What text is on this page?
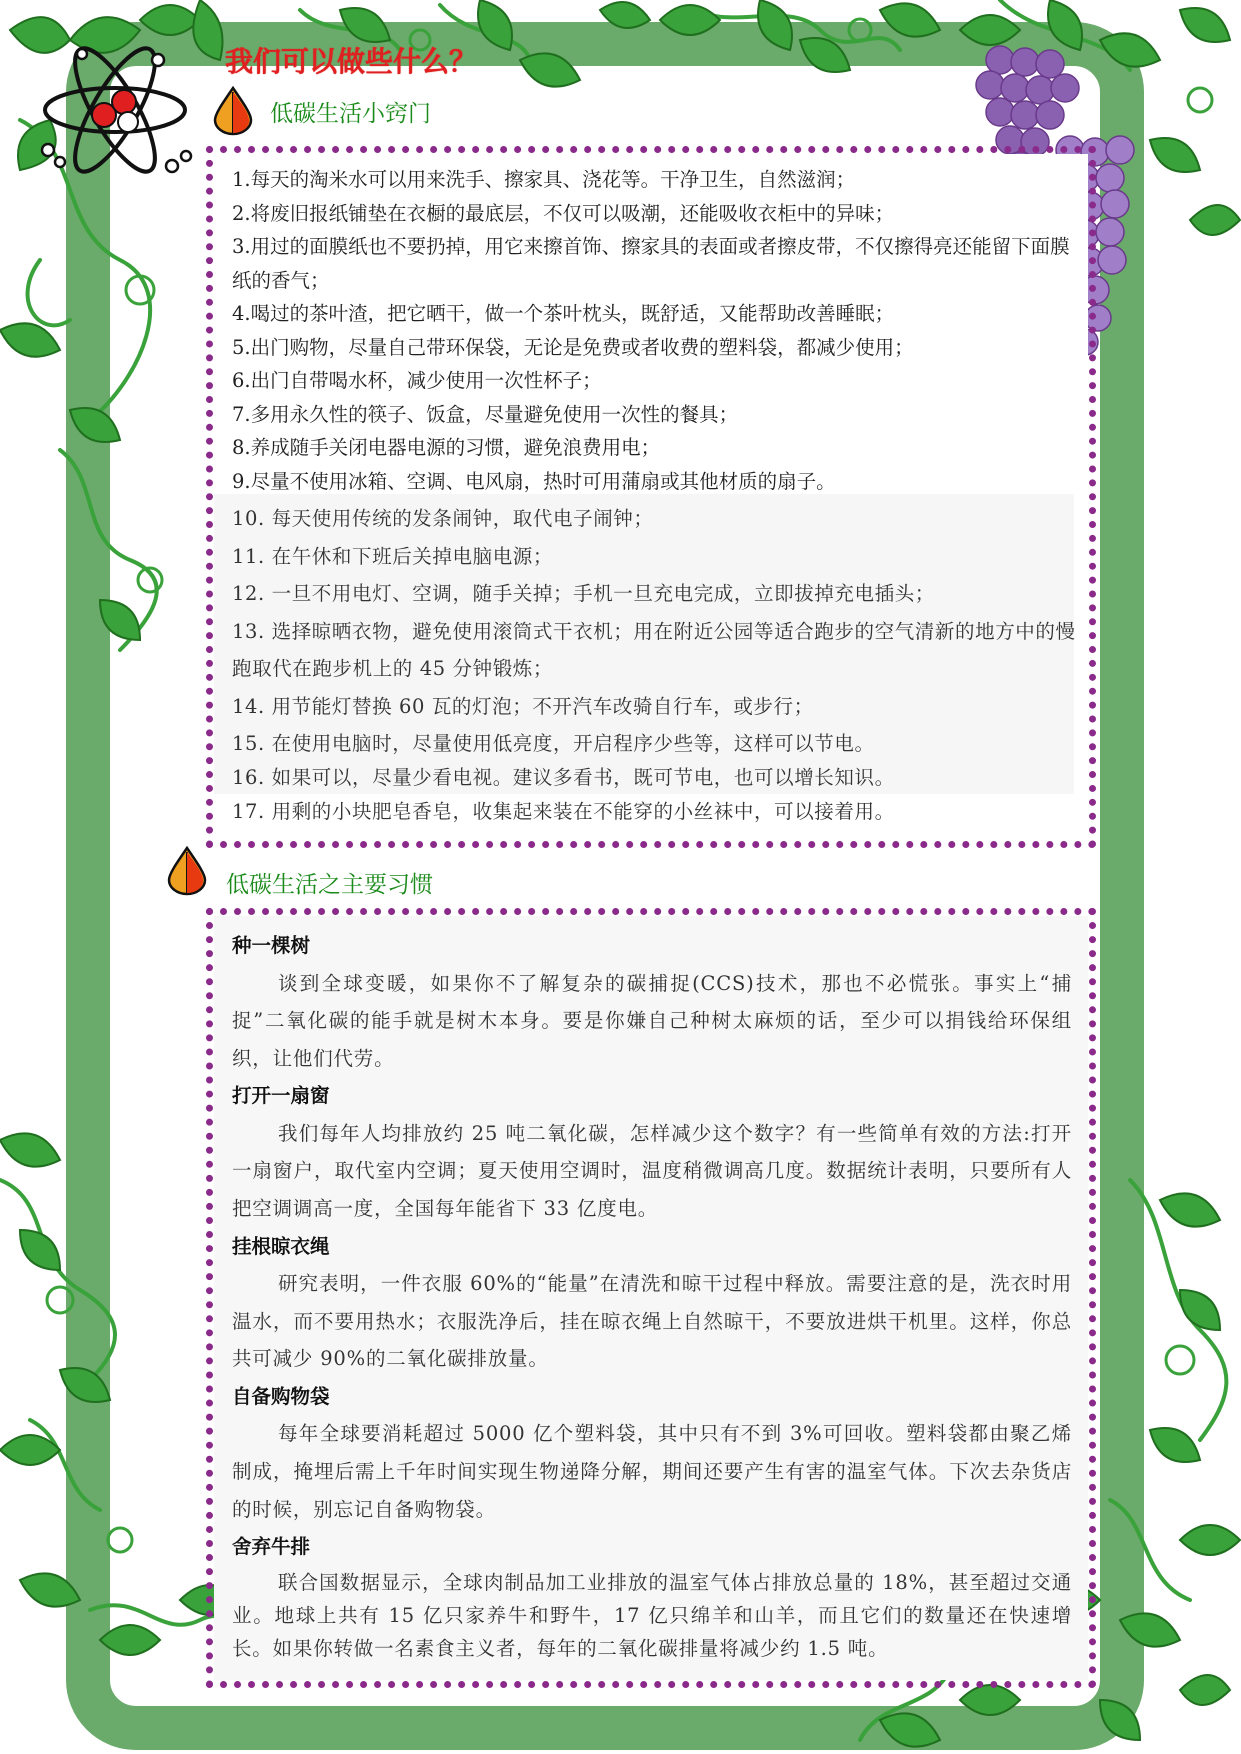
我们可以做些什么？
低碳生活小窍门

1.每天的淘米水可以用来洗手、擦家具、浇花等。干净卫生，自然滋润；

2.将废旧报纸铺垫在衣橱的最底层，不仅可以吸潮，还能吸收衣柜中的异味；

3.用过的面膜纸也不要扔掉，用它来擦首饰、擦家具的表面或者擦皮带，不仅擦得亮还能留下面膜纸的香气；

4.喝过的茶叶渣，把它晒干，做一个茶叶枕头，既舒适，又能帮助改善睡眠；

5.出门购物，尽量自己带环保袋，无论是免费或者收费的塑料袋，都减少使用；

6.出门自带喝水杯，减少使用一次性杯子；

7.多用永久性的筷子、饭盒，尽量避免使用一次性的餐具；

8.养成随手关闭电器电源的习惯，避免浪费用电；

9.尽量不使用冰箱、空调、电风扇，热时可用蒲扇或其他材质的扇子。

10. 每天使用传统的发条闹钟，取代电子闹钟；

11. 在午休和下班后关掉电脑电源；

12. 一旦不用电灯、空调，随手关掉；手机一旦充电完成，立即拔掉充电插头；

13. 选择晾晒衣物，避免使用滚筒式干衣机；用在附近公园等适合跑步的空气清新的地方中的慢跑取代在跑步机上的 45 分钟锻炼；

14. 用节能灯替换 60 瓦的灯泡；不开汽车改骑自行车，或步行；

15. 在使用电脑时，尽量使用低亮度，开启程序少些等，这样可以节电。

16. 如果可以，尽量少看电视。建议多看书，既可节电，也可以增长知识。

17. 用剩的小块肥皂香皂，收集起来装在不能穿的小丝袜中，可以接着用。

低碳生活之主要习惯
种一棵树

谈到全球变暖，如果你不了解复杂的碳捕捉(CCS)技术，那也不必慌张。事实上“捕捉”二氧化碳的能手就是树木本身。要是你嫌自己种树太麻烦的话，至少可以捐钱给环保组织，让他们代劳。

打开一扇窗

我们每年人均排放约 25 吨二氧化碳，怎样减少这个数字？有一些简单有效的方法:打开一扇窗户，取代室内空调；夏天使用空调时，温度稍微调高几度。数据统计表明，只要所有人把空调调高一度，全国每年能省下 33 亿度电。

挂根晾衣绳

研究表明，一件衣服 60%的“能量”在清洗和晾干过程中释放。需要注意的是，洗衣时用温水，而不要用热水；衣服洗净后，挂在晾衣绳上自然晾干，不要放进烘干机里。这样，你总共可减少 90%的二氧化碳排放量。

自备购物袋

每年全球要消耗超过 5000 亿个塑料袋，其中只有不到 3%可回收。塑料袋都由聚乙烯制成，掩埋后需上千年时间实现生物递降分解，期间还要产生有害的温室气体。下次去杂货店的时候，别忘记自备购物袋。

舍弃牛排

联合国数据显示，全球肉制品加工业排放的温室气体占排放总量的 18%，甚至超过交通业。地球上共有 15 亿只家养牛和野牛，17 亿只绵羊和山羊，而且它们的数量还在快速增长。如果你转做一名素食主义者，每年的二氧化碳排量将减少约 1.5 吨。
